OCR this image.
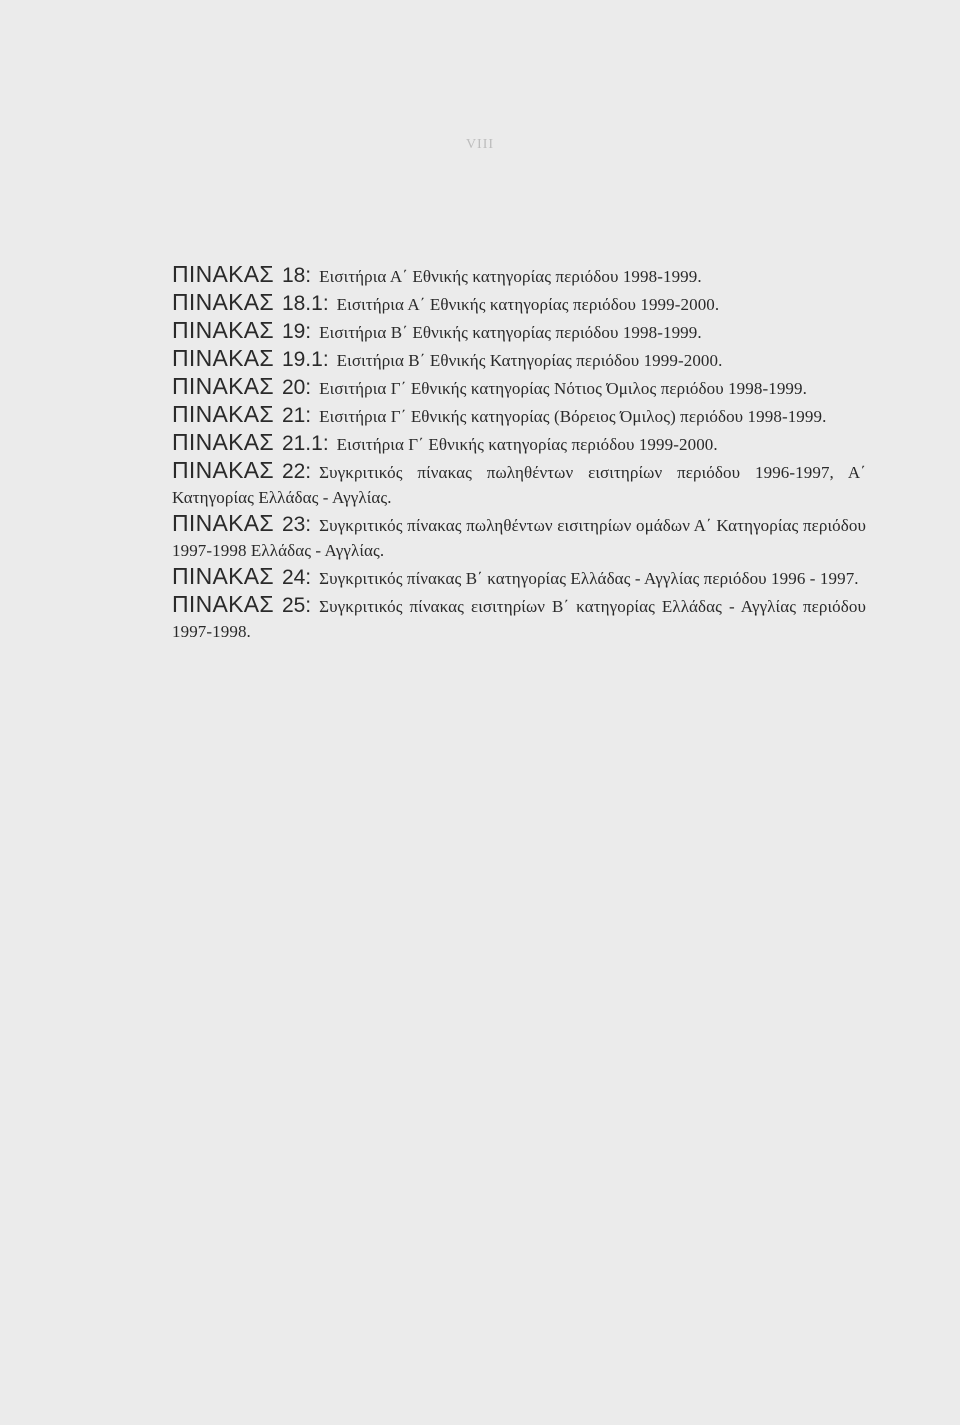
VIII

ΠΙΝΑΚΑΣ 18: Εισιτήρια Α΄ Εθνικής κατηγορίας περιόδου 1998-1999.

ΠΙΝΑΚΑΣ 18.1: Εισιτήρια Α΄ Εθνικής κατηγορίας περιόδου 1999-2000.

ΠΙΝΑΚΑΣ 19: Εισιτήρια Β΄ Εθνικής κατηγορίας περιόδου 1998-1999.

ΠΙΝΑΚΑΣ 19.1: Εισιτήρια Β΄ Εθνικής Κατηγορίας περιόδου 1999-2000.

ΠΙΝΑΚΑΣ 20: Εισιτήρια Γ΄ Εθνικής κατηγορίας Νότιος Όμιλος περιόδου 1998-1999.

ΠΙΝΑΚΑΣ 21: Εισιτήρια Γ΄ Εθνικής κατηγορίας (Βόρειος Όμιλος) περιόδου 1998-1999.

ΠΙΝΑΚΑΣ 21.1: Εισιτήρια Γ΄ Εθνικής κατηγορίας περιόδου 1999-2000.

ΠΙΝΑΚΑΣ 22: Συγκριτικός πίνακας πωληθέντων εισιτηρίων περιόδου 1996-1997, Α΄ Κατηγορίας Ελλάδας - Αγγλίας.

ΠΙΝΑΚΑΣ 23: Συγκριτικός πίνακας πωληθέντων εισιτηρίων ομάδων Α΄ Κατηγορίας περιόδου 1997-1998 Ελλάδας - Αγγλίας.

ΠΙΝΑΚΑΣ 24: Συγκριτικός πίνακας Β΄ κατηγορίας Ελλάδας - Αγγλίας περιόδου 1996 - 1997.

ΠΙΝΑΚΑΣ 25: Συγκριτικός πίνακας εισιτηρίων Β΄ κατηγορίας Ελλάδας - Αγγλίας περιόδου 1997-1998.
